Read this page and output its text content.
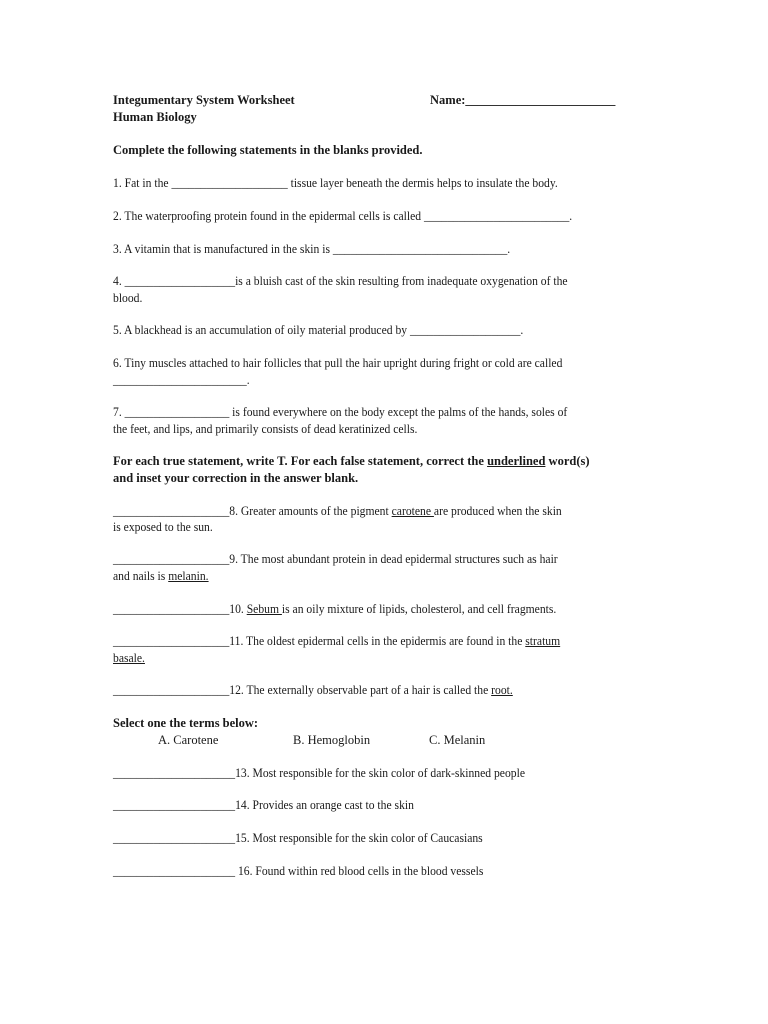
Integumentary System Worksheet	Name:________________________
Human Biology
Complete the following statements in the blanks provided.
1. Fat in the ____________________ tissue layer beneath the dermis helps to insulate the body.
2. The waterproofing protein found in the epidermal cells is called _________________________.
3. A vitamin that is manufactured in the skin is ______________________________.
4. ___________________is a bluish cast of the skin resulting from inadequate oxygenation of the
blood.
5. A blackhead is an accumulation of oily material produced by ___________________.
6. Tiny muscles attached to hair follicles that pull the hair upright during fright or cold are called
_______________________.
7. __________________ is found everywhere on the body except the palms of the hands, soles of
the feet, and lips, and primarily consists of dead keratinized cells.
For each true statement, write T. For each false statement, correct the underlined word(s)
and inset your correction in the answer blank.
____________________8. Greater amounts of the pigment carotene are produced when the skin
is exposed to the sun.
____________________9. The most abundant protein in dead epidermal structures such as hair
and nails is melanin.
____________________10. Sebum is an oily mixture of lipids, cholesterol, and cell fragments.
____________________11. The oldest epidermal cells in the epidermis are found in the stratum
basale.
____________________12. The externally observable part of a hair is called the root.
Select one the terms below:
A. Carotene	B. Hemoglobin	C. Melanin
_____________________13. Most responsible for the skin color of dark-skinned people
_____________________14. Provides an orange cast to the skin
_____________________15. Most responsible for the skin color of Caucasians
_____________________ 16. Found within red blood cells in the blood vessels
